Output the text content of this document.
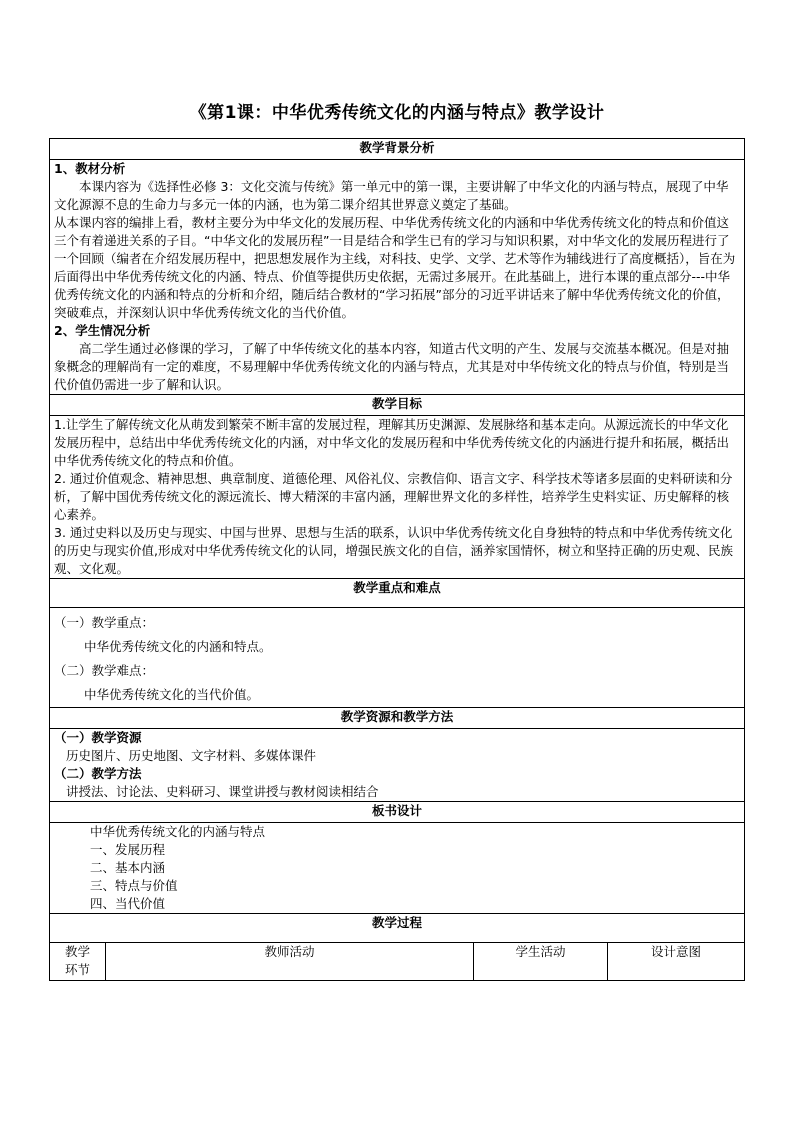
《第1课：中华优秀传统文化的内涵与特点》教学设计
教学背景分析

1、教材分析

本课内容为《选择性必修 3：文化交流与传统》第一单元中的第一课，主要讲解了中华文化的内涵与特点，展现了中华文化源源不息的生命力与多元一体的内涵，也为第二课介绍其世界意义奠定了基础。

从本课内容的编排上看，教材主要分为中华文化的发展历程、中华优秀传统文化的内涵和中华优秀传统文化的特点和价值这三个有着递进关系的子目。“中华文化的发展历程”一目是结合和学生已有的学习与知识积累，对中华文化的发展历程进行了一个回顾（编者在介绍发展历程中，把思想发展作为主线，对科技、史学、文学、艺术等作为辅线进行了高度概括），旨在为后面得出中华优秀传统文化的内涵、特点、价值等提供历史依据，无需过多展开。在此基础上，进行本课的重点部分---中华优秀传统文化的内涵和特点的分析和介绍，随后结合教材的“学习拓展”部分的习近平讲话来了解中华优秀传统文化的价值，突破难点，并深刻认识中华优秀传统文化的当代价值。

2、学生情况分析

高二学生通过必修课的学习，了解了中华传统文化的基本内容，知道古代文明的产生、发展与交流基本概况。但是对抽象概念的理解尚有一定的难度，不易理解中华优秀传统文化的内涵与特点，尤其是对中华传统文化的特点与价值，特别是当代价值仍需进一步了解和认识。

教学目标

1.让学生了解传统文化从萌发到繁荣不断丰富的发展过程，理解其历史渊源、发展脉络和基本走向。从源远流长的中华文化发展历程中，总结出中华优秀传统文化的内涵，对中华文化的发展历程和中华优秀传统文化的内涵进行提升和拓展，概括出中华优秀传统文化的特点和价值。

2. 通过价值观念、精神思想、典章制度、道德伦理、风俗礼仪、宗教信仰、语言文字、科学技术等诸多层面的史料研读和分析，了解中国优秀传统文化的源远流长、博大精深的丰富内涵，理解世界文化的多样性，培养学生史料实证、历史解释的核心素养。

3. 通过史料以及历史与现实、中国与世界、思想与生活的联系，认识中华优秀传统文化自身独特的特点和中华优秀传统文化的历史与现实价值,形成对中华优秀传统文化的认同，增强民族文化的自信，涵养家国情怀，树立和坚持正确的历史观、民族观、文化观。

教学重点和难点

（一）教学重点：

中华优秀传统文化的内涵和特点。

（二）教学难点：

中华优秀传统文化的当代价值。

教学资源和教学方法

（一）教学资源

历史图片、历史地图、文字材料、多媒体课件

（二）教学方法

讲授法、讨论法、史料研习、课堂讲授与教材阅读相结合

板书设计

中华优秀传统文化的内涵与特点

一、发展历程

二、基本内涵

三、特点与价值

四、当代价值

教学过程
教学环节	教师活动	学生活动	设计意图
